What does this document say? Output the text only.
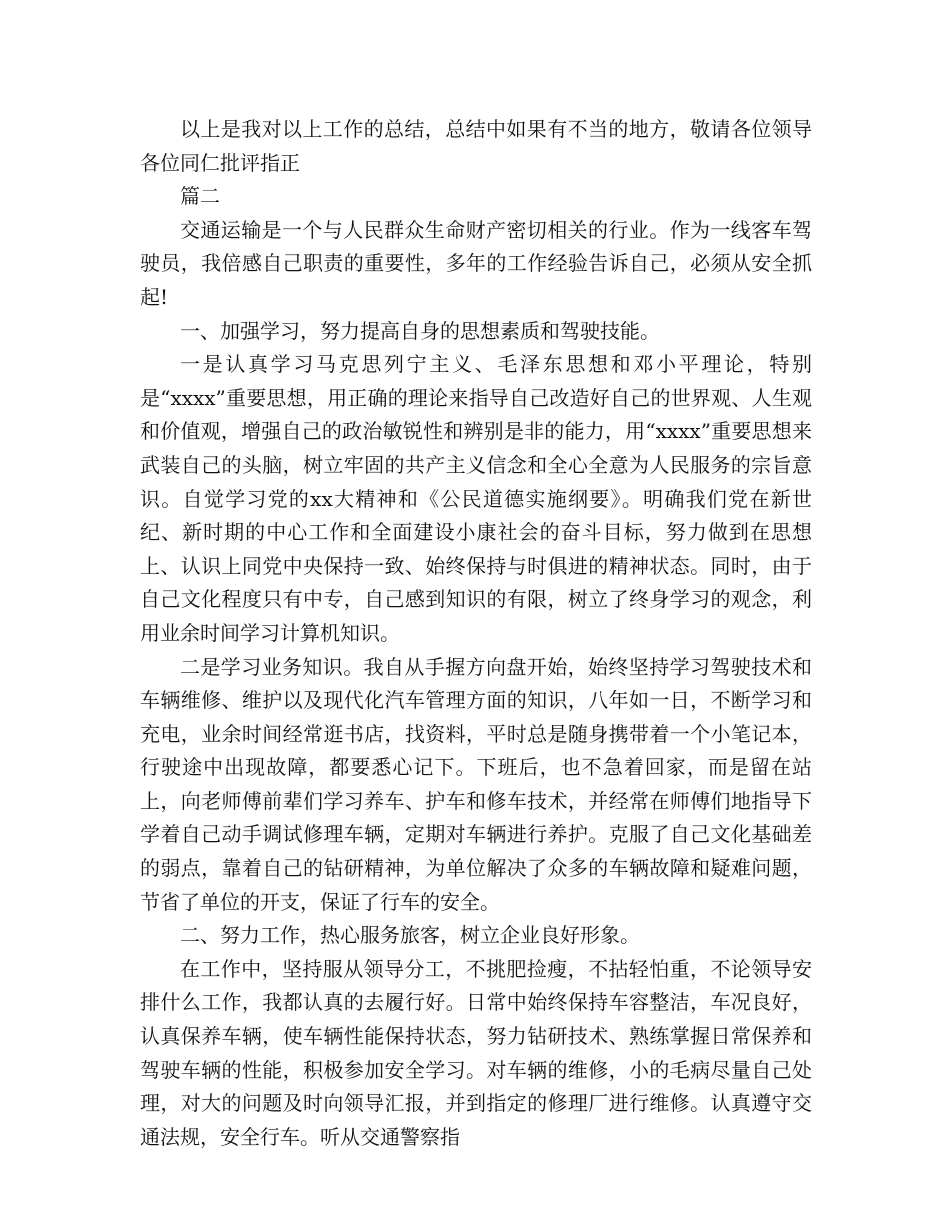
以上是我对以上工作的总结，总结中如果有不当的地方，敬请各位领导各位同仁批评指正

篇二

交通运输是一个与人民群众生命财产密切相关的行业。作为一线客车驾驶员，我倍感自己职责的重要性，多年的工作经验告诉自己，必须从安全抓起!

一、加强学习，努力提高自身的思想素质和驾驶技能。

一是认真学习马克思列宁主义、毛泽东思想和邓小平理论，特别是“xxxx”重要思想，用正确的理论来指导自己改造好自己的世界观、人生观和价值观，增强自己的政治敏锐性和辨别是非的能力，用“xxxx”重要思想来武装自己的头脑，树立牢固的共产主义信念和全心全意为人民服务的宗旨意识。自觉学习党的xx大精神和《公民道德实施纲要》。明确我们党在新世纪、新时期的中心工作和全面建设小康社会的奋斗目标，努力做到在思想上、认识上同党中央保持一致、始终保持与时俱进的精神状态。同时，由于自己文化程度只有中专，自己感到知识的有限，树立了终身学习的观念，利用业余时间学习计算机知识。

二是学习业务知识。我自从手握方向盘开始，始终坚持学习驾驶技术和车辆维修、维护以及现代化汽车管理方面的知识，八年如一日，不断学习和充电，业余时间经常逛书店，找资料，平时总是随身携带着一个小笔记本，行驶途中出现故障，都要悉心记下。下班后，也不急着回家，而是留在站上，向老师傅前辈们学习养车、护车和修车技术，并经常在师傅们地指导下学着自己动手调试修理车辆，定期对车辆进行养护。克服了自己文化基础差的弱点，靠着自己的钻研精神，为单位解决了众多的车辆故障和疑难问题，节省了单位的开支，保证了行车的安全。

二、努力工作，热心服务旅客，树立企业良好形象。

在工作中，坚持服从领导分工，不挑肥捡瘦，不拈轻怕重，不论领导安排什么工作，我都认真的去履行好。日常中始终保持车容整洁，车况良好，认真保养车辆，使车辆性能保持状态，努力钻研技术、熟练掌握日常保养和驾驶车辆的性能，积极参加安全学习。对车辆的维修，小的毛病尽量自己处理，对大的问题及时向领导汇报，并到指定的修理厂进行维修。认真遵守交通法规，安全行车。听从交通警察指
